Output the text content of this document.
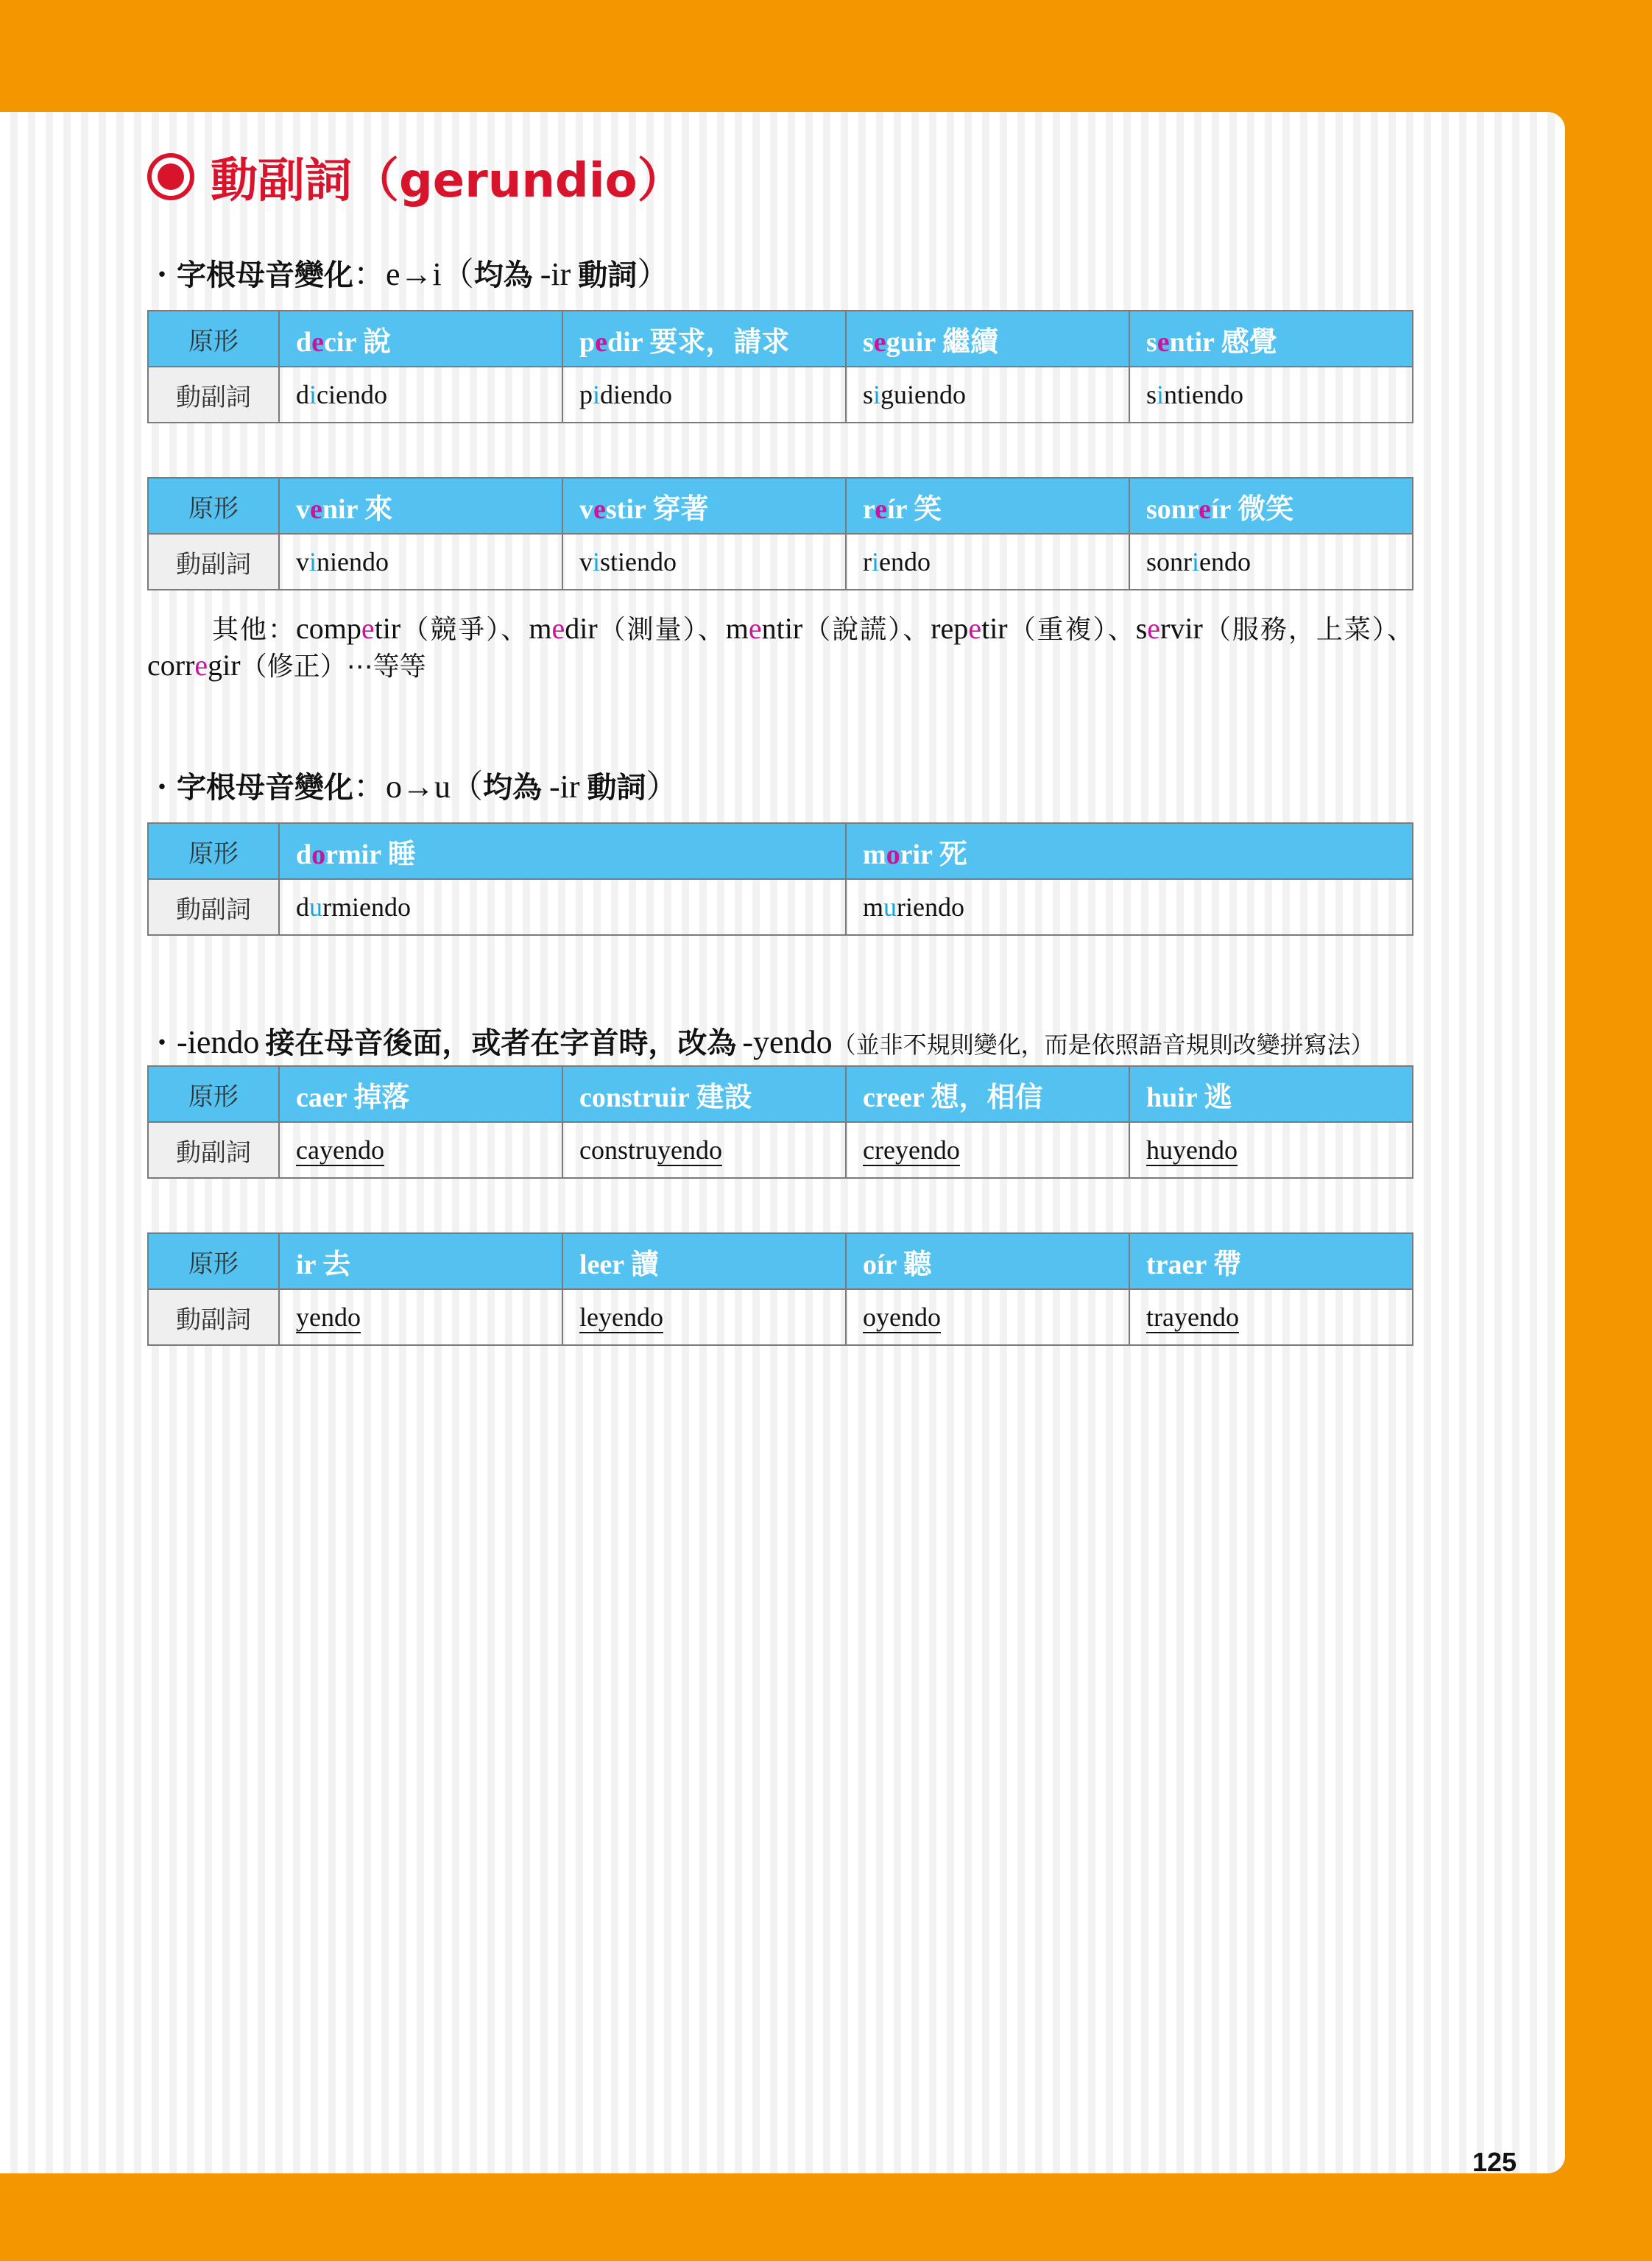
動副詞（gerundio）
・ 字根母音變化 ：e→i（ 均為 -ir 動詞 ）
原形	decir 說	pedir 要求，請求	seguir 繼續	sentir 感覺
動副詞	diciendo	pidiendo	siguiendo	sintiendo
原形	venir 來	vestir 穿著	reír 笑	sonreír 微笑
動副詞	viniendo	vistiendo	riendo	sonriendo
其他：competir（競爭）、medir（測量）、mentir（說謊）、repetir（重複）、servir（服務，上菜）、corregir（修正）⋯等等
・ 字根母音變化 ：o→u（ 均為 -ir 動詞 ）
原形	dormir 睡	morir 死
動副詞	durmiendo	muriendo
・ -iendo 接在母音後面，或者在字首時，改為 -yendo （並非不規則變化，而是依照語音規則改變拼寫法）
原形	caer 掉落	construir 建設	creer 想，相信	huir 逃
動副詞	cayendo	construyendo	creyendo	huyendo
原形	ir 去	leer 讀	oír 聽	traer 帶
動副詞	yendo	leyendo	oyendo	trayendo
125
